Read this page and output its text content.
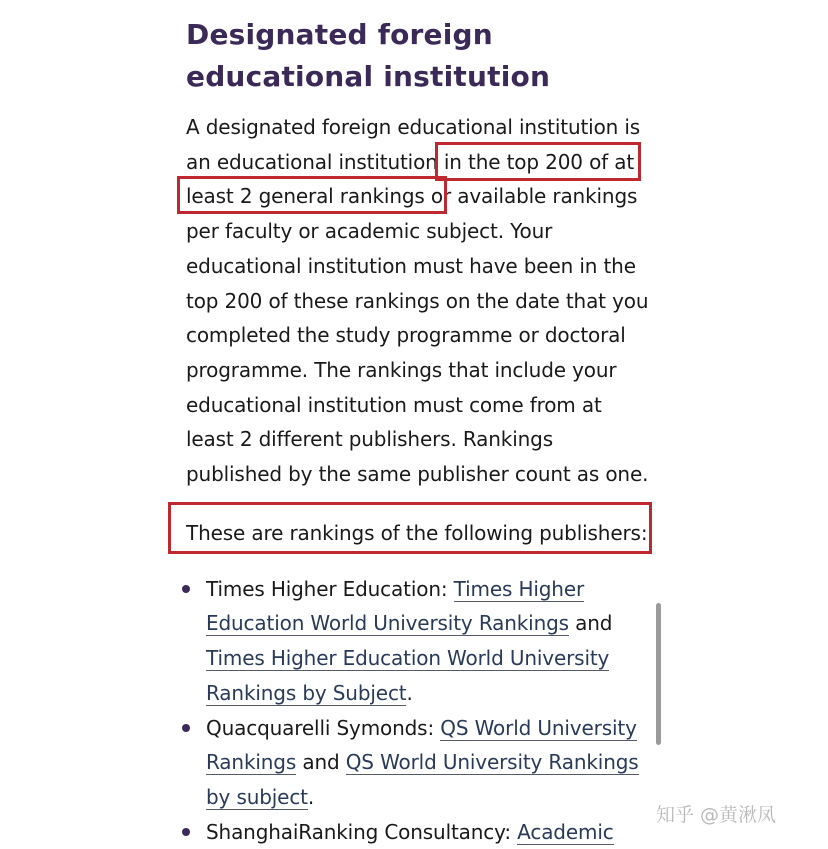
Designated foreign
educational institution

A designated foreign educational institution is
an educational institution in the top 200 of at
least 2 general rankings or available rankings
per faculty or academic subject. Your
educational institution must have been in the
top 200 of these rankings on the date that you
completed the study programme or doctoral
programme. The rankings that include your
educational institution must come from at
least 2 different publishers. Rankings
published by the same publisher count as one.

These are rankings of the following publishers:

Times Higher Education: Times Higher Education World University Rankings and Times Higher Education World University Rankings by Subject.
Quacquarelli Symonds: QS World University Rankings and QS World University Rankings by subject.
ShanghaiRanking Consultancy: Academic
知乎 @黄湫凤
